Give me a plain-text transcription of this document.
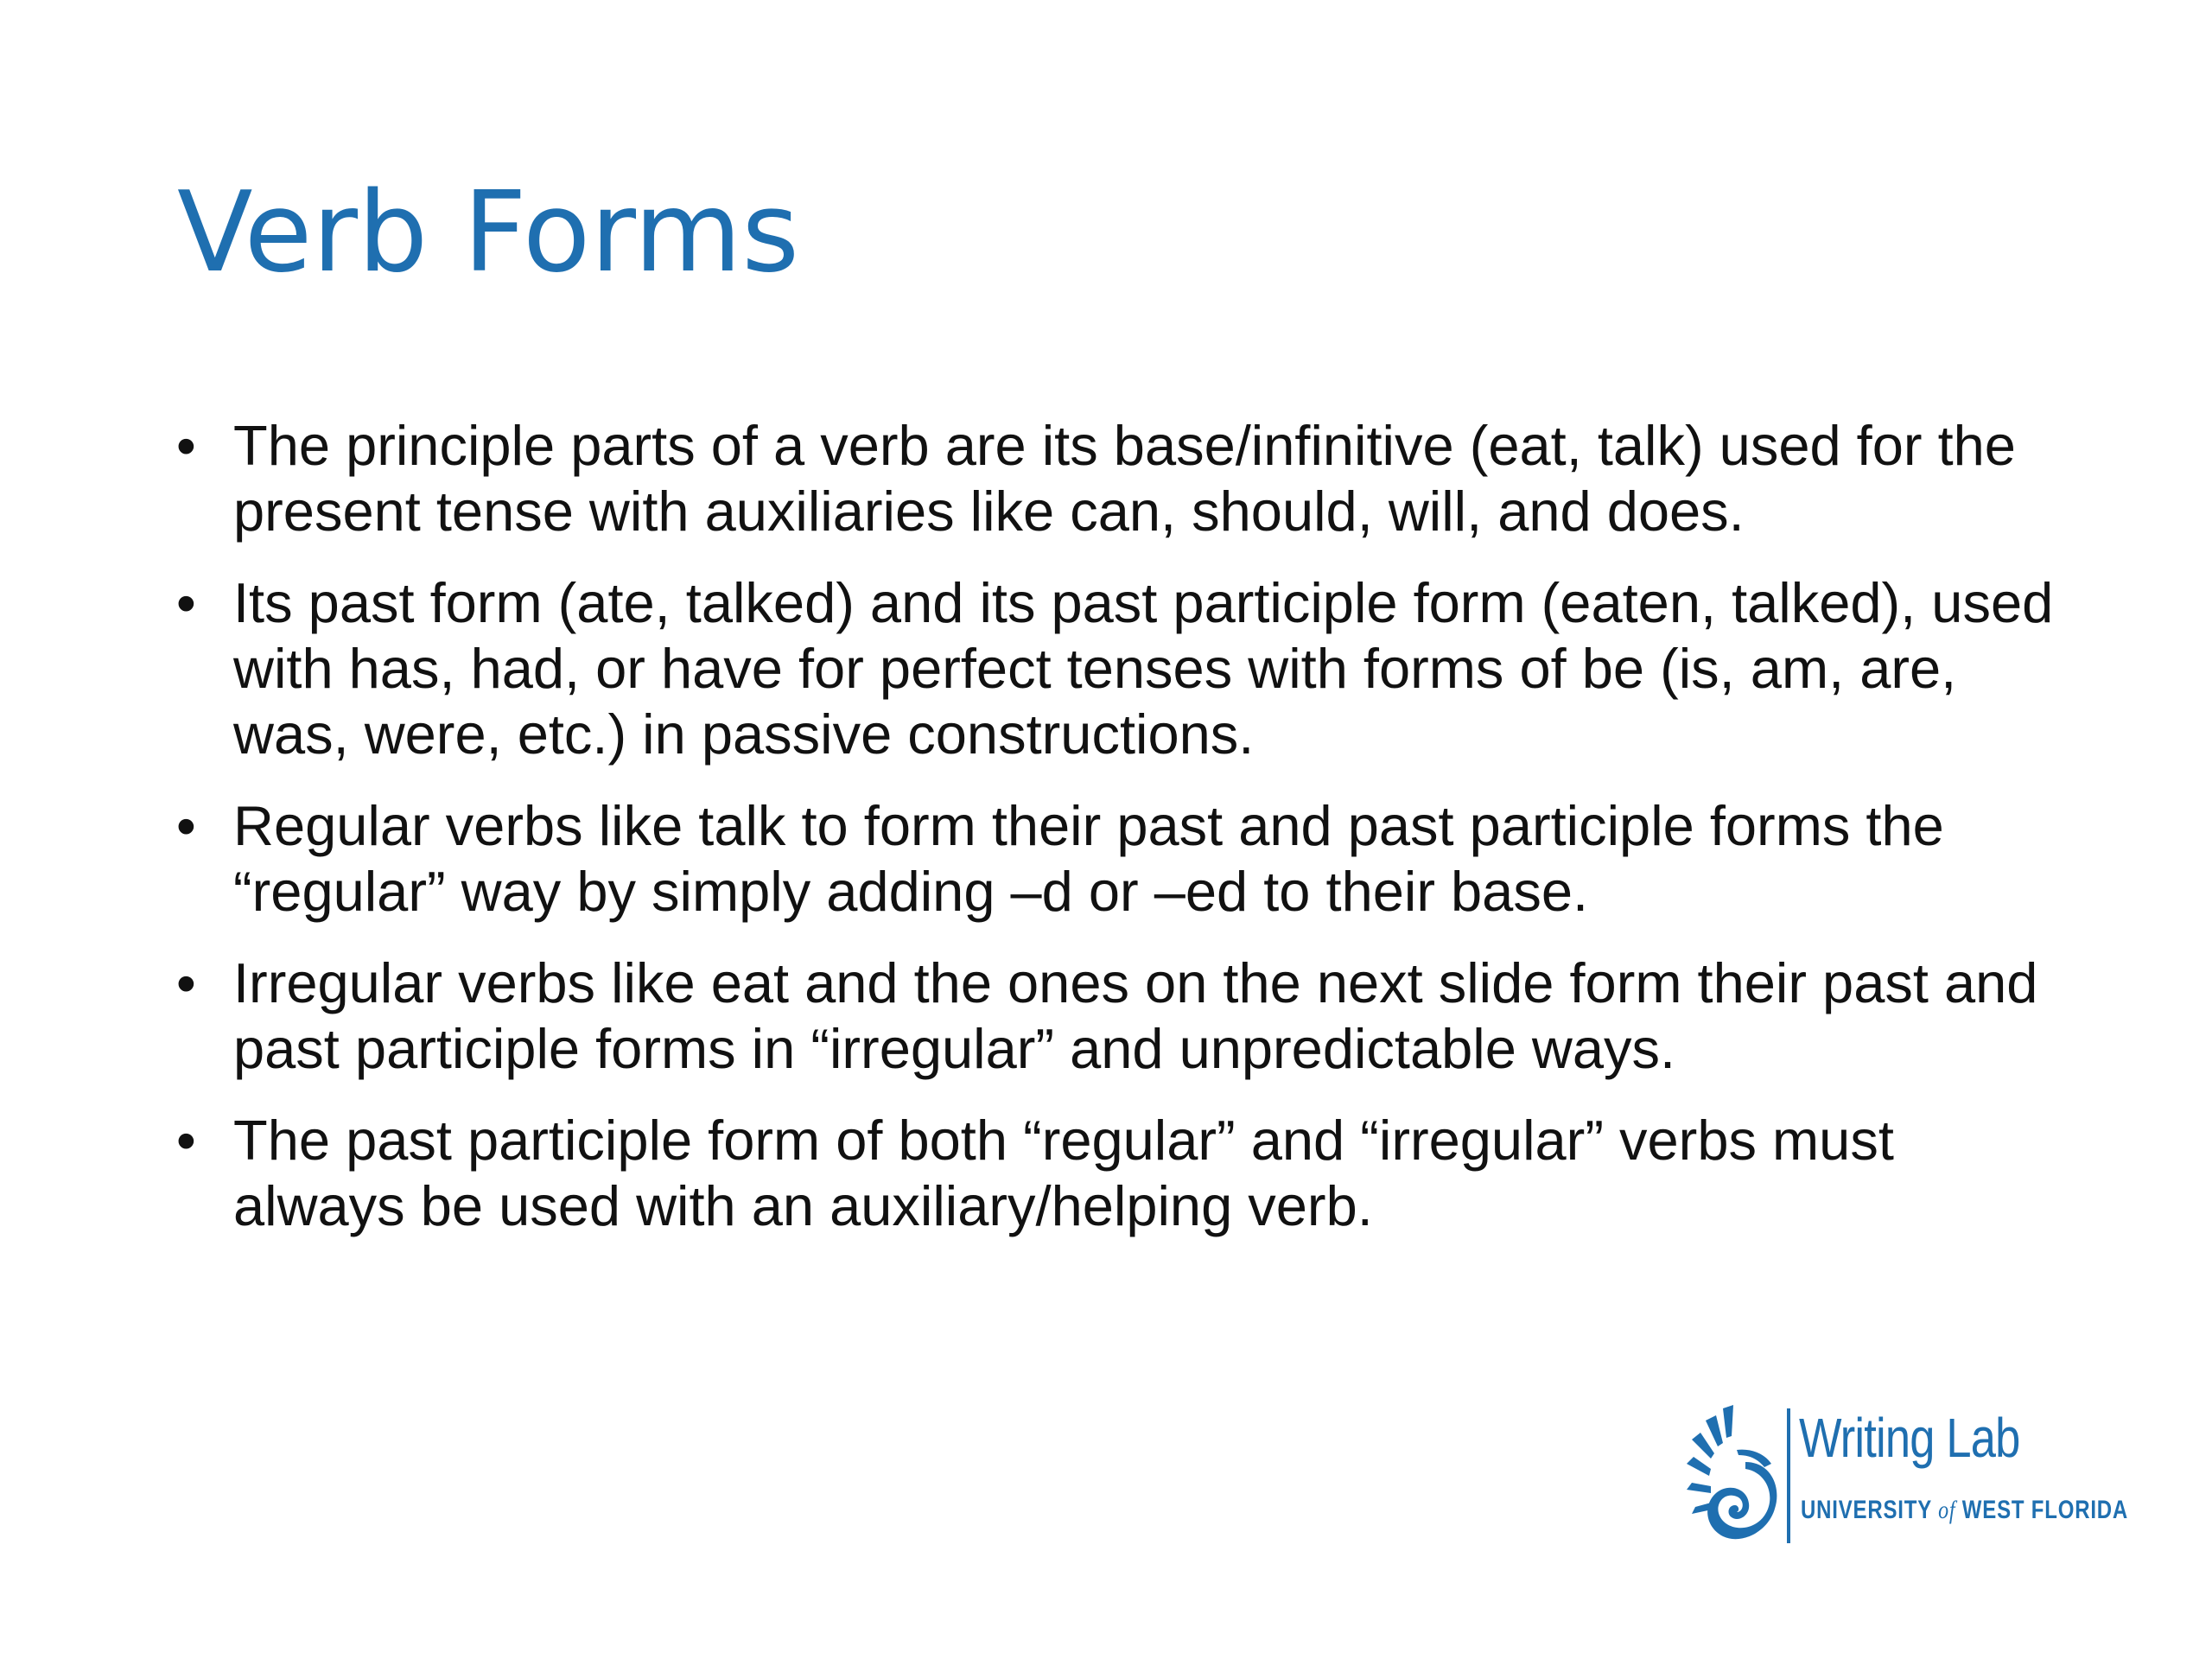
Verb Forms
• The principle parts of a verb are its base/infinitive (eat, talk) used for the present tense with auxiliaries like can, should, will, and does.
• Its past form (ate, talked) and its past participle form (eaten, talked), used with has, had, or have for perfect tenses with forms of be (is, am, are, was, were, etc.) in passive constructions.
• Regular verbs like talk to form their past and past participle forms the “regular” way by simply adding –d or –ed to their base.
• Irregular verbs like eat and the ones on the next slide form their past and past participle forms in “irregular” and unpredictable ways.
• The past participle form of both “regular” and “irregular” verbs must always be used with an auxiliary/helping verb.
Writing Lab
UNIVERSITY of WEST FLORIDA
